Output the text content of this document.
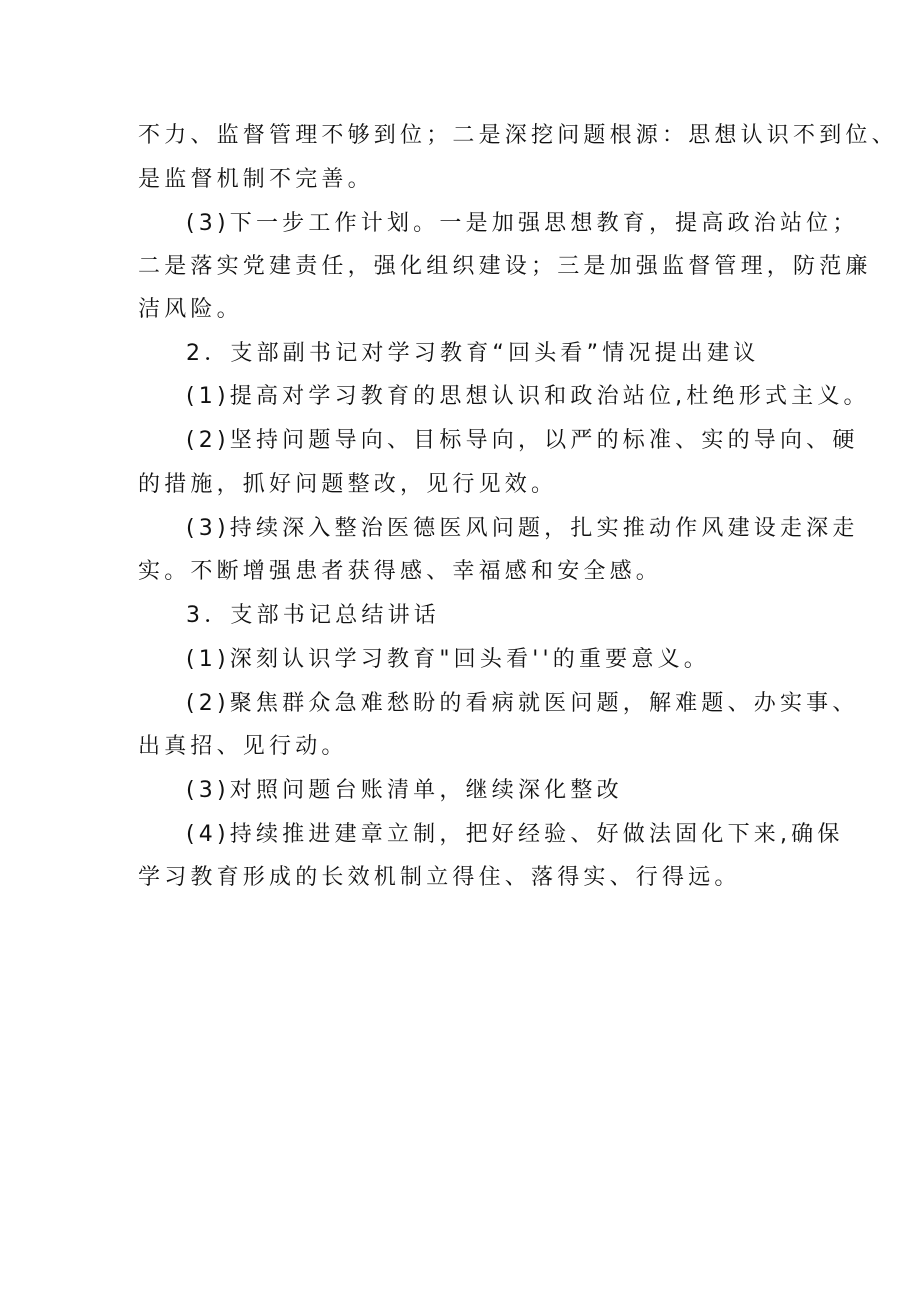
不力、监督管理不够到位；二是深挖问题根源：思想认识不到位、
是监督机制不完善。
(3)下一步工作计划。一是加强思想教育，提高政治站位；
二是落实党建责任，强化组织建设；三是加强监督管理，防范廉
洁风险。
2．支部副书记对学习教育“回头看”情况提出建议
(1)提高对学习教育的思想认识和政治站位,杜绝形式主义。
(2)坚持问题导向、目标导向，以严的标准、实的导向、硬
的措施，抓好问题整改，见行见效。
(3)持续深入整治医德医风问题，扎实推动作风建设走深走
实。不断增强患者获得感、幸福感和安全感。
3．支部书记总结讲话
(1)深刻认识学习教育"回头看''的重要意义。
(2)聚焦群众急难愁盼的看病就医问题，解难题、办实事、
出真招、见行动。
(3)对照问题台账清单，继续深化整改
(4)持续推进建章立制，把好经验、好做法固化下来,确保
学习教育形成的长效机制立得住、落得实、行得远。
